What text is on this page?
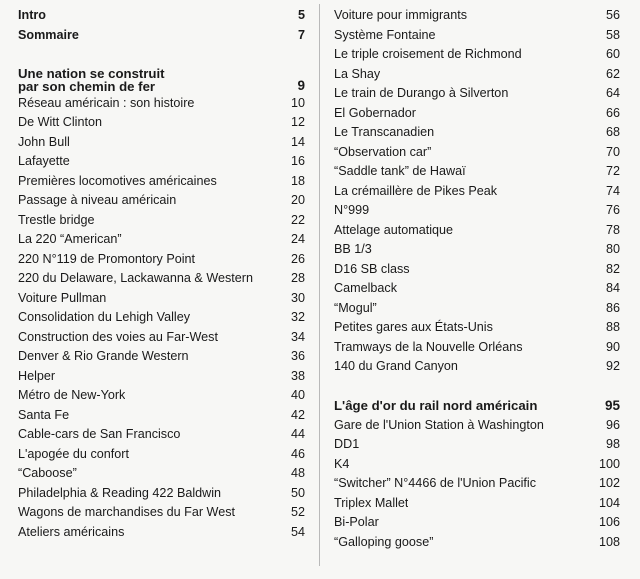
Intro	5
Sommaire	7
Une nation se construit
par son chemin de fer	9
Réseau américain : son histoire	10
De Witt Clinton	12
John Bull	14
Lafayette	16
Premières locomotives américaines	18
Passage à niveau américain	20
Trestle bridge	22
La 220 “American”	24
220 N°119 de Promontory Point	26
220 du Delaware, Lackawanna & Western	28
Voiture Pullman	30
Consolidation du Lehigh Valley	32
Construction des voies au Far-West	34
Denver & Rio Grande Western	36
Helper	38
Métro de New-York	40
Santa Fe	42
Cable-cars de San Francisco	44
L'apogée du confort	46
“Caboose”	48
Philadelphia & Reading 422 Baldwin	50
Wagons de marchandises du Far West	52
Ateliers américains	54
Voiture pour immigrants	56
Système Fontaine	58
Le triple croisement de Richmond	60
La Shay	62
Le train de Durango à Silverton	64
El Gobernador	66
Le Transcanadien	68
“Observation car”	70
“Saddle tank” de Hawaï	72
La crémaillère de Pikes Peak	74
N°999	76
Attelage automatique	78
BB 1/3	80
D16 SB class	82
Camelback	84
“Mogul”	86
Petites gares aux États-Unis	88
Tramways de la Nouvelle Orléans	90
140 du Grand Canyon	92
L'âge d'or du rail nord américain	95
Gare de l'Union Station à Washington	96
DD1	98
K4	100
“Switcher” N°4466 de l'Union Pacific	102
Triplex Mallet	104
Bi-Polar	106
“Galloping goose”	108
